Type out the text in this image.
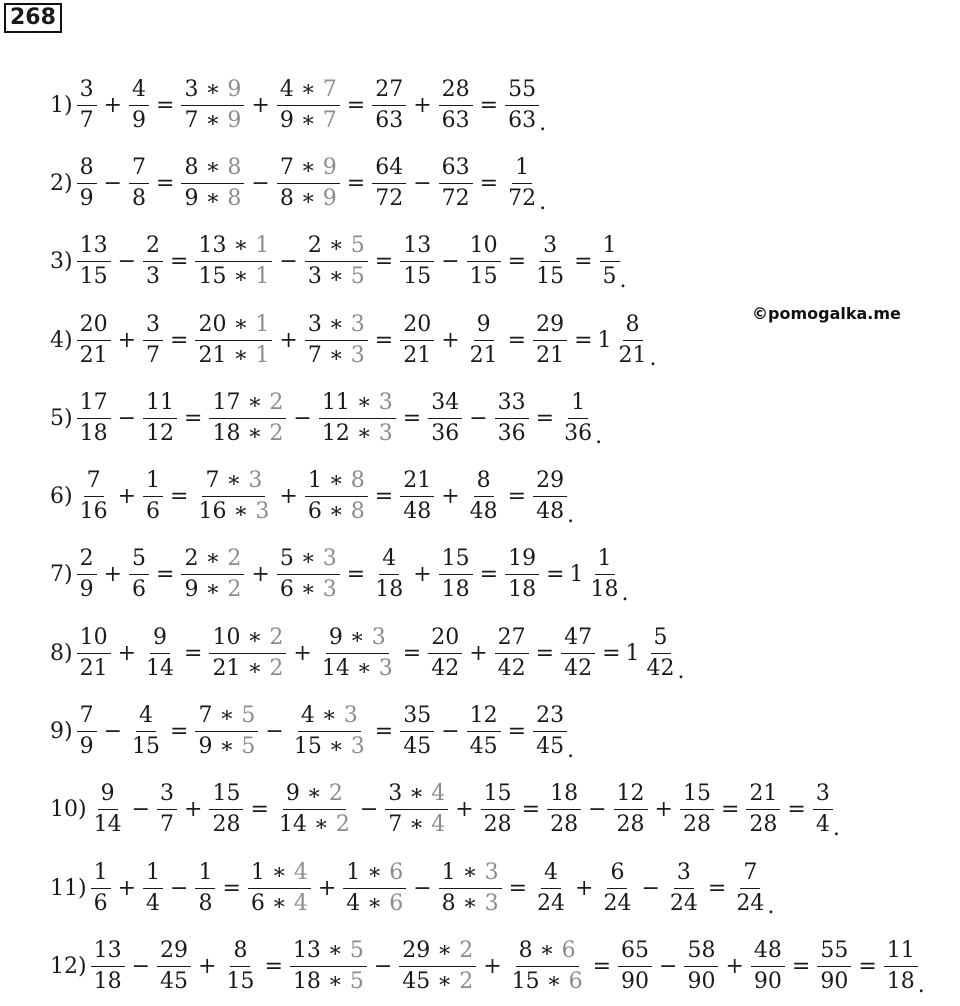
268
©pomogalka.me
$1) \frac{3}{7} + \frac{4}{9} = \frac{3 ∗ 9}{7 ∗ 9} + \frac{4 ∗ 7}{9 ∗ 7} = \frac{27}{63} + \frac{28}{63} = \frac{55}{63}$ .
$2) \frac{8}{9} - \frac{7}{8} = \frac{8 ∗ 8}{9 ∗ 8} - \frac{7 ∗ 9}{8 ∗ 9} = \frac{64}{72} - \frac{63}{72} = \frac{1}{72}$ .
$3) \frac{13}{15} - \frac{2}{3} = \frac{13 ∗ 1}{15 ∗ 1} - \frac{2 ∗ 5}{3 ∗ 5} = \frac{13}{15} - \frac{10}{15} = \frac{3}{15} = \frac{1}{5}$ .
$4) \frac{20}{21} + \frac{3}{7} = \frac{20 ∗ 1}{21 ∗ 1} + \frac{3 ∗ 3}{7 ∗ 3} = \frac{20}{21} + \frac{9}{21} = \frac{29}{21} = 1 \frac{8}{21}$ .
$5) \frac{17}{18} - \frac{11}{12} = \frac{17 ∗ 2}{18 ∗ 2} - \frac{11 ∗ 3}{12 ∗ 3} = \frac{34}{36} - \frac{33}{36} = \frac{1}{36}$ .
$6) \frac{7}{16} + \frac{1}{6} = \frac{7 ∗ 3}{16 ∗ 3} + \frac{1 ∗ 8}{6 ∗ 8} = \frac{21}{48} + \frac{8}{48} = \frac{29}{48}$ .
$7) \frac{2}{9} + \frac{5}{6} = \frac{2 ∗ 2}{9 ∗ 2} + \frac{5 ∗ 3}{6 ∗ 3} = \frac{4}{18} + \frac{15}{18} = \frac{19}{18} = 1 \frac{1}{18}$ .
$8) \frac{10}{21} + \frac{9}{14} = \frac{10 ∗ 2}{21 ∗ 2} + \frac{9 ∗ 3}{14 ∗ 3} = \frac{20}{42} + \frac{27}{42} = \frac{47}{42} = 1 \frac{5}{42}$ .
$9) \frac{7}{9} - \frac{4}{15} = \frac{7 ∗ 5}{9 ∗ 5} - \frac{4 ∗ 3}{15 ∗ 3} = \frac{35}{45} - \frac{12}{45} = \frac{23}{45}$ .
$10) \frac{9}{14} - \frac{3}{7} + \frac{15}{28} = \frac{9 ∗ 2}{14 ∗ 2} - \frac{3 ∗ 4}{7 ∗ 4} + \frac{15}{28} = \frac{18}{28} - \frac{12}{28} + \frac{15}{28} = \frac{21}{28} = \frac{3}{4}$ .
$11) \frac{1}{6} + \frac{1}{4} - \frac{1}{8} = \frac{1 ∗ 4}{6 ∗ 4} + \frac{1 ∗ 6}{4 ∗ 6} - \frac{1 ∗ 3}{8 ∗ 3} = \frac{4}{24} + \frac{6}{24} - \frac{3}{24} = \frac{7}{24}$ .
$12) \frac{13}{18} - \frac{29}{45} + \frac{8}{15} = \frac{13 ∗ 5}{18 ∗ 5} - \frac{29 ∗ 2}{45 ∗ 2} + \frac{8 ∗ 6}{15 ∗ 6} = \frac{65}{90} - \frac{58}{90} + \frac{48}{90} = \frac{55}{90} = \frac{11}{18}$ .
